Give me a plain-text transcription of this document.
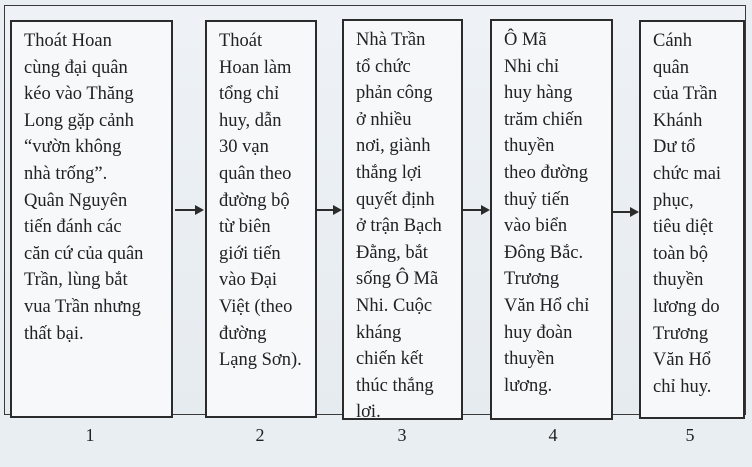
Thoát Hoan

cùng đại quân

kéo vào Thăng

Long gặp cảnh

“vườn không

nhà trống”.

Quân Nguyên

tiến đánh các

căn cứ của quân

Trần, lùng bắt

vua Trần nhưng

thất bại.

Thoát

Hoan làm

tổng chỉ

huy, dẫn

30 vạn

quân theo

đường bộ

từ biên

giới tiến

vào Đại

Việt (theo

đường

Lạng Sơn).

Nhà Trần

tổ chức

phản công

ở nhiều

nơi, giành

thắng lợi

quyết định

ở trận Bạch

Đằng, bắt

sống Ô Mã

Nhi. Cuộc

kháng

chiến kết

thúc thắng

lợi.

Ô Mã

Nhi chỉ

huy hàng

trăm chiến

thuyền

theo đường

thuỷ tiến

vào biển

Đông Bắc.

Trương

Văn Hổ chỉ

huy đoàn

thuyền

lương.

Cánh

quân

của Trần

Khánh

Dư tổ

chức mai

phục,

tiêu diệt

toàn bộ

thuyền

lương do

Trương

Văn Hổ

chỉ huy.

1	2	3	4	5
